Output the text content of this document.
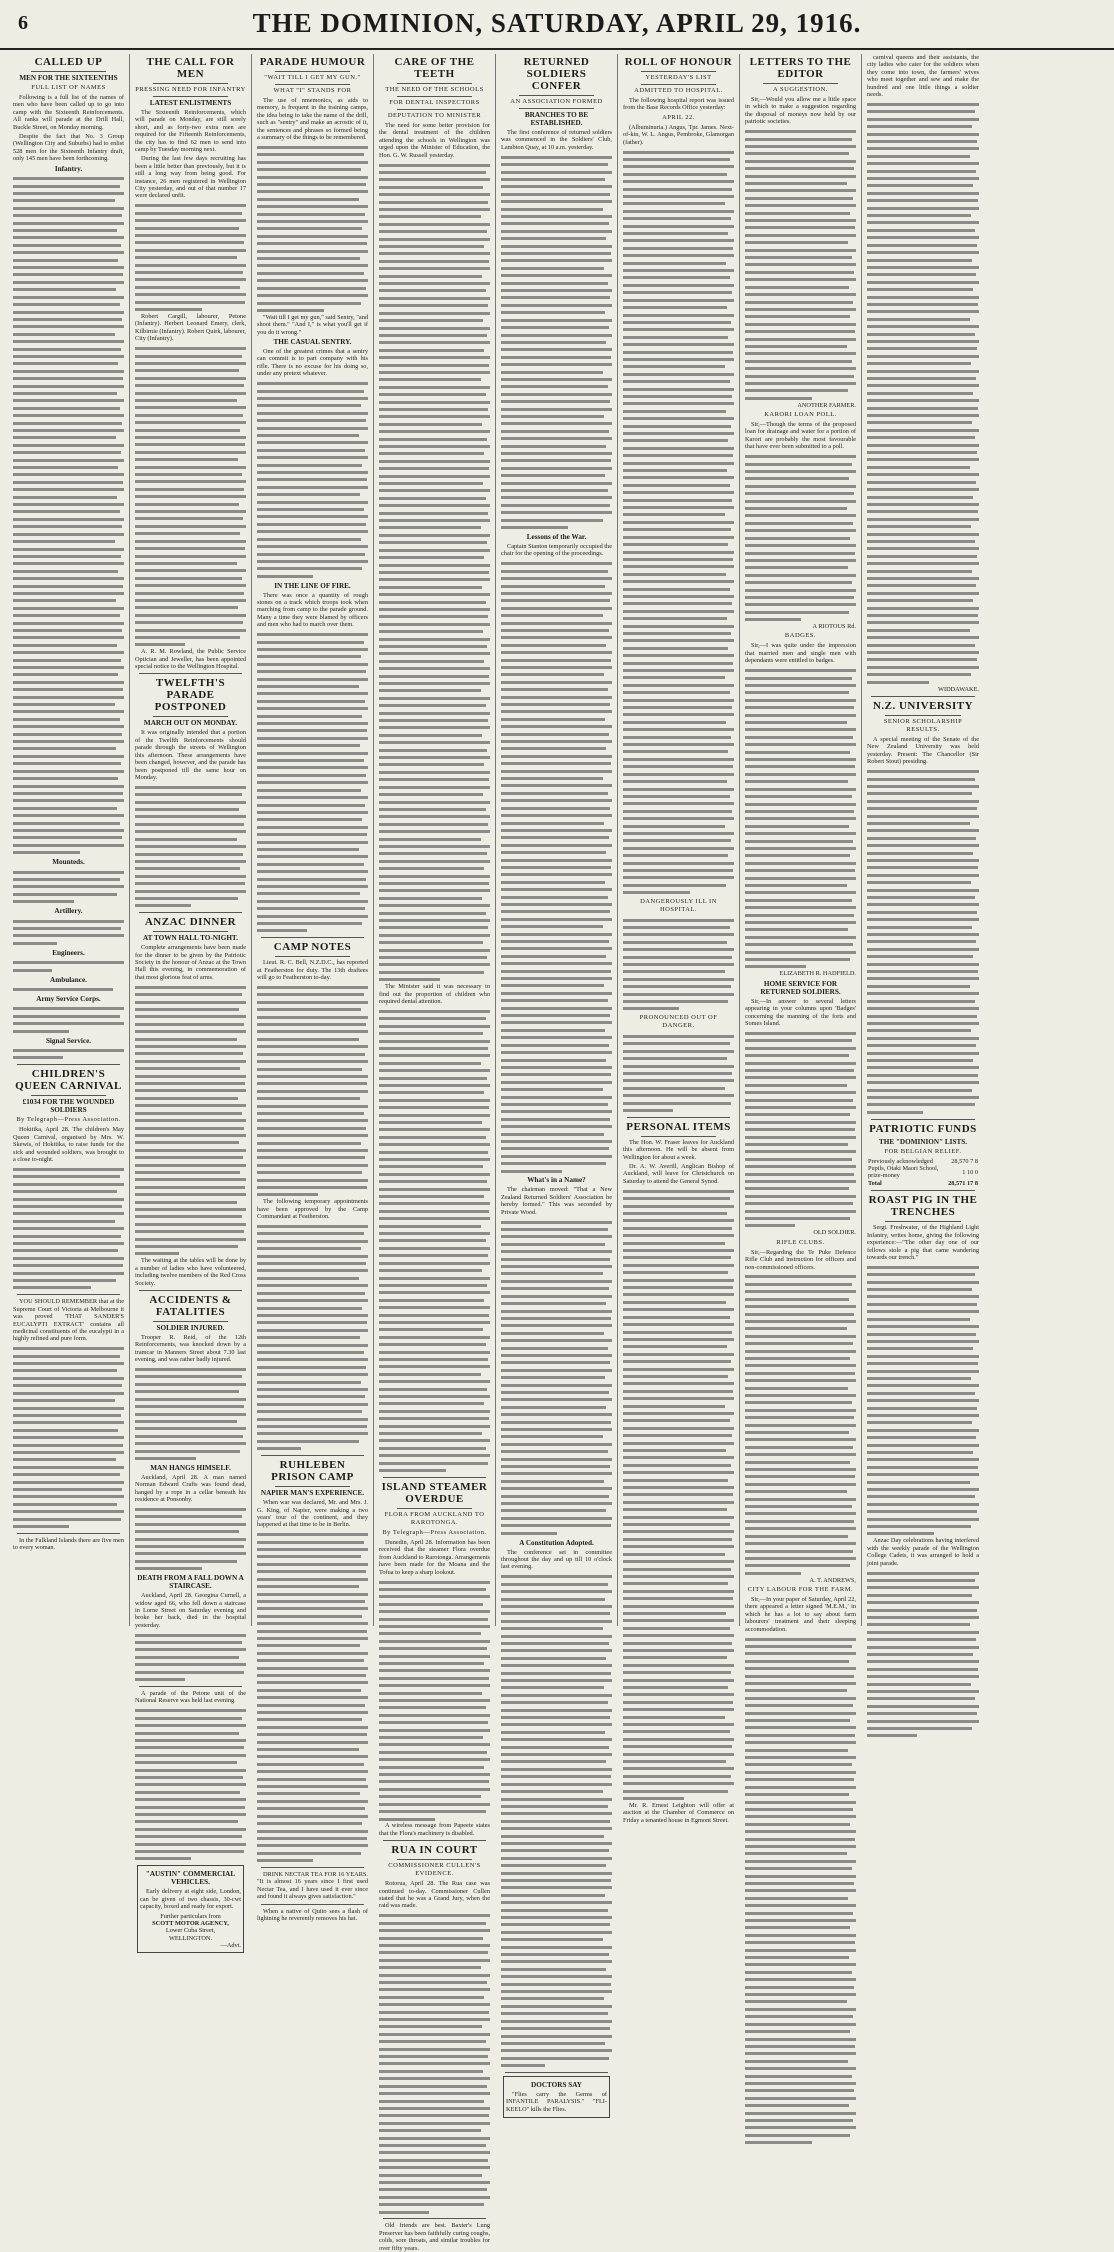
6	THE DOMINION, SATURDAY, APRIL 29, 1916.
CALLED UP
MEN FOR THE SIXTEENTHS
FULL LIST OF NAMES

Following is a full list of the names of men who have been called up to go into camp with the Sixteenth Reinforcements. All ranks will parade at the Drill Hall, Buckle Street, on Monday morning.

Despite the fact that No. 3 Group (Wellington City and Suburbs) had to enlist 528 men for the Sixteenth Infantry draft, only 145 men have been forthcoming.

Infantry.
Mounteds.
Artillery.
Engineers.
Ambulance.
Army Service Corps.
Signal Service.
CHILDREN'S QUEEN CARNIVAL
£1034 FOR THE WOUNDED SOLDIERS
By Telegraph—Press Association.

Hokitika, April 28. The children's May Queen Carnival, organised by Mrs. W. Skewis, of Hokitika, to raise funds for the sick and wounded soldiers, was brought to a close to-night.

YOU SHOULD REMEMBER that at the Supreme Court of Victoria at Melbourne it was proved 'THAT SANDER'S EUCALYPTI EXTRACT' contains all medicinal constituents of the eucalypti in a highly refined and pure form.

In the Falkland Islands there are five men to every woman.

THE CALL FOR MEN
PRESSING NEED FOR INFANTRY
LATEST ENLISTMENTS

The Sixteenth Reinforcements, which will parade on Monday, are still sorely short, and as forty-two extra men are required for the Fifteenth Reinforcements, the city has to find 62 men to send into camp by Tuesday morning next.

During the last few days recruiting has been a little better than previously, but it is still a long way from being good. For instance, 26 men registered in Wellington City yesterday, and out of that number 17 were declared unfit.

Robert Cargill, labourer, Petone (Infantry). Herbert Leonard Emery, clerk, Kilbirnie (Infantry). Robert Quirk, labourer, City (Infantry).

A. R. M. Rowland, the Public Service Optician and Jeweller, has been appointed special notice to the Wellington Hospital.

TWELFTH'S PARADE POSTPONED
MARCH OUT ON MONDAY.

It was originally intended that a portion of the Twelfth Reinforcements should parade through the streets of Wellington this afternoon. These arrangements have been changed, however, and the parade has been postponed till the same hour on Monday.

ANZAC DINNER
AT TOWN HALL TO-NIGHT.

Complete arrangements have been made for the dinner to be given by the Patriotic Society in the honour of Anzac at the Town Hall this evening, in commemoration of that most glorious feat of arms.

The waiting at the tables will be done by a number of ladies who have volunteered, including twelve members of the Red Cross Society.

ACCIDENTS & FATALITIES
SOLDIER INJURED.

Trooper R. Reid, of the 12th Reinforcements, was knocked down by a tramcar in Manners Street about 7.30 last evening, and was rather badly injured.

MAN HANGS HIMSELF.

Auckland, April 28. A man named Norman Edward Crafts was found dead, hanged by a rope in a cellar beneath his residence at Ponsonby.

DEATH FROM A FALL DOWN A STAIRCASE.

Auckland, April 28. Georgina Curnell, a widow aged 66, who fell down a staircase in Lorne Street on Saturday evening and broke her back, died in the hospital yesterday.

A parade of the Petone unit of the National Reserve was held last evening.

"AUSTIN" COMMERCIAL VEHICLES.

Early delivery at eight side, London, can be given of two chassis, 30-cwt capacity, boxed and ready for export.

Further particulars from
SCOTT MOTOR AGENCY,
Lower Cuba Street,
WELLINGTON.
—Advt.
PARADE HUMOUR
"WAIT TILL I GET MY GUN."
WHAT "I" STANDS FOR

The use of nmemonics, as aids to memory, is frequent in the training camps, the idea being to take the name of the drill, such as "sentry" and make an acrostic of it, the sentences and phrases so formed being a summary of the things to be remembered.

"Wait till I get my gun," said Sentry, "and shoot them." "And I," is what you'll get if you do it wrong."

THE CASUAL SENTRY.

One of the greatest crimes that a sentry can commit is to part company with his rifle. There is no excuse for his doing so, under any pretext whatever.

IN THE LINE OF FIRE.

There was once a quantity of rough stones on a track which troops took when marching from camp to the parade ground. Many a time they were blamed by officers and men who had to march over them.

CAMP NOTES

Lieut. R. C. Bell, N.Z.D.C., has reported at Featherston for duty. The 13th draftees will go to Featherston to-day.

The following temporary appointments have been approved by the Camp Commandant at Featherston.

RUHLEBEN PRISON CAMP
NAPIER MAN'S EXPERIENCE.

When war was declared, Mr. and Mrs. J. G. King, of Napier, were making a two years' tour of the continent, and they happened at that time to be in Berlin.

DRINK NECTAR TEA FOR 16 YEARS. "It is almost 16 years since I first used Nectar Tea, and I have used it ever since and found it always gives satisfaction."

When a native of Quito sees a flash of lightning he reverently removes his hat.

CARE OF THE TEETH
THE NEED OF THE SCHOOLS
FOR DENTAL INSPECTORS
DEPUTATION TO MINISTER

The need for some better provision for the dental treatment of the children attending the schools in Wellington was urged upon the Minister of Education, the Hon. G. W. Russell yesterday.

The Minister said it was necessary to find out the proportion of children who required dental attention.

ISLAND STEAMER OVERDUE
FLORA FROM AUCKLAND TO RAROTONGA.
By Telegraph—Press Association.

Dunedin, April 28. Information has been received that the steamer Flora overdue from Auckland to Rarotonga. Arrangements have been made for the Moana and the Tofua to keep a sharp lookout.

A wireless message from Papeete states that the Flora's machinery is disabled.

RUA IN COURT
COMMISSIONER CULLEN'S EVIDENCE.

Rotorua, April 28. The Rua case was continued to-day. Commissioner Cullen stated that he was a Grand Jury, when the raid was made.

Old friends are best. Baxter's Lung Preserver has been faithfully curing coughs, colds, sore throats, and similar troubles for over fifty years.

RETURNED SOLDIERS CONFER
AN ASSOCIATION FORMED
BRANCHES TO BE ESTABLISHED.

The first conference of returned soldiers was commenced in the Soldiers' Club, Lambton Quay, at 10 a.m. yesterday.

Lessons of the War.

Captain Stanton temporarily occupied the chair for the opening of the proceedings.

What's in a Name?

The chairman moved: "That a New Zealand Returned Soldiers' Association be hereby formed." This was seconded by Private Wood.

A Constitution Adopted.

The conference set in committee throughout the day and up till 10 o'clock last evening.

DOCTORS SAY

"Flies carry the Germs of INFANTILE PARALYSIS." "FLI-KEELO" kills the Flies.

ROLL OF HONOUR
YESTERDAY'S LIST
ADMITTED TO HOSPITAL.

The following hospital report was issued from the Base Records Office yesterday:

APRIL 22.

(Albuminuria.) Angus, Tpr. James. Next-of-kin, W. L. Angus, Pembroke, Glamorgan (father).

DANGEROUSLY ILL IN HOSPITAL.
PRONOUNCED OUT OF DANGER.
PERSONAL ITEMS

The Hon. W. Fraser leaves for Auckland this afternoon. He will be absent from Wellington for about a week.

Dr. A. W. Averill, Anglican Bishop of Auckland, will leave for Christchurch on Saturday to attend the General Synod.

Mr. R. Ernest Leighton will offer at auction at the Chamber of Commerce on Friday a tenanted house in Egmont Street.

LETTERS TO THE EDITOR
A SUGGESTION.

Sir,—Would you allow me a little space in which to make a suggestion regarding the disposal of moneys now held by our patriotic societies.

ANOTHER FARMER.
KARORI LOAN POLL.

Sir,—Though the terms of the proposed loan for drainage and water for a portion of Karori are probably the most favourable that have ever been submitted to a poll.

A RIOTOUS Rd.
BADGES.

Sir,—I was quite under the impression that married men and single men with dependants were entitled to badges.

ELIZABETH R. HADFIELD.
HOME SERVICE FOR RETURNED SOLDIERS.

Sir,—In answer to several letters appearing in your columns upon 'Badges' concerning the manning of the forts and Somes Island.

OLD SOLDIER.
RIFLE CLUBS.

Sir,—Regarding the Te Puke Defence Rifle Club and instruction for officers and non-commissioned officers.

A. T. ANDREWS,
CITY LABOUR FOR THE FARM.

Sir,—In your paper of Saturday, April 22, there appeared a letter signed 'M.E.M.,' in which he has a lot to say about farm labourers' treatment and their sleeping accommodation.

carnival queens and their assistants, the city ladies who cater for the soldiers when they come into town, the farmers' wives who meet together and sew and make the hundred and one little things a soldier needs.

WIDDAWAKE.
N.Z. UNIVERSITY
SENIOR SCHOLARSHIP RESULTS.

A special meeting of the Senate of the New Zealand University was held yesterday. Present: The Chancellor (Sir Robert Stout) presiding.

PATRIOTIC FUNDS
THE "DOMINION" LISTS.
FOR BELGIAN RELIEF.
Previously acknowledged	28,570 7 8
Pupils, Otaki Maori School, prize-money	1 10 0
Total	28,571 17 8
ROAST PIG IN THE TRENCHES

Sergt. Freshwater, of the Highland Light Infantry, writes home, giving the following experience:—"The other day one of our fellows stole a pig that came wandering towards our trench."

Anzac Day celebrations having interfered with the weekly parade of the Wellington College Cadets, it was arranged to hold a joint parade.
